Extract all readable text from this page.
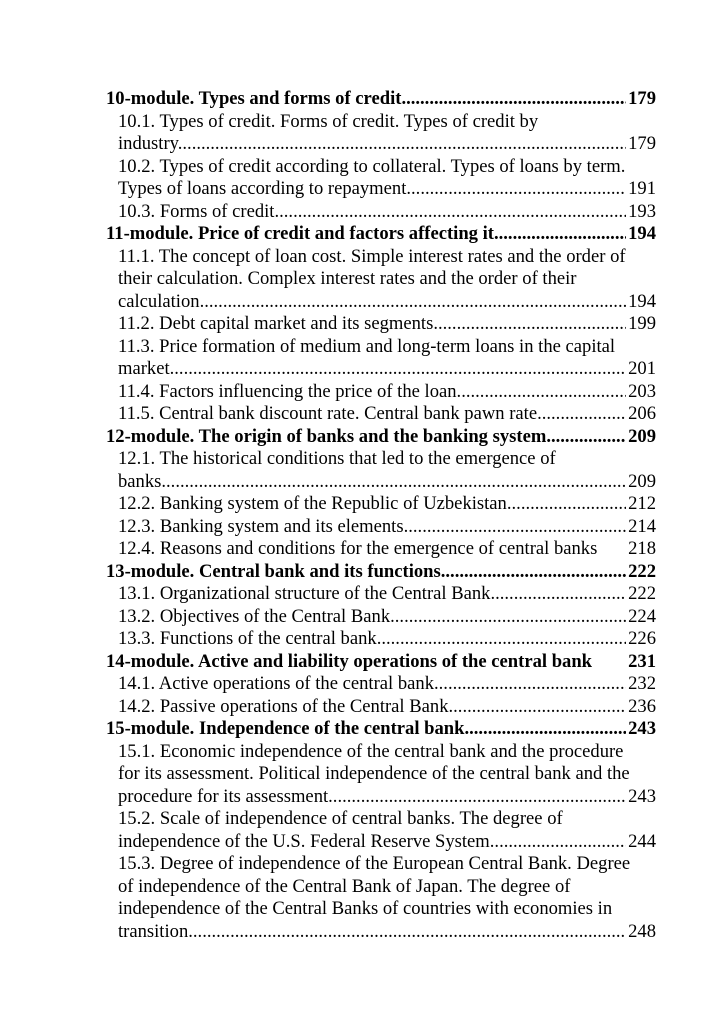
10-module. Types and forms of credit .....	179
10.1. Types of credit. Forms of credit. Types of credit by
industry. .....	179
10.2. Types of credit according to collateral. Types of loans by term.
Types of loans according to repayment. .....	191
10.3. Forms of credit. .....	193
11-module. Price of credit and factors affecting it .....	194
11.1. The concept of loan cost. Simple interest rates and the order of
their calculation. Complex interest rates and the order of their
calculation .....	194
11.2. Debt capital market and its segments .....	199
11.3. Price formation of medium and long-term loans in the capital
market. .....	201
11.4. Factors influencing the price of the loan .....	203
11.5. Central bank discount rate. Central bank pawn rate. .....	206
12-module. The origin of banks and the banking system .....	209
12.1. The historical conditions that led to the emergence of
banks. .....	209
12.2. Banking system of the Republic of Uzbekistan. .....	212
12.3. Banking system and its elements. .....	214
12.4. Reasons and conditions for the emergence of central banks 218
13-module. Central bank and its functions .....	222
13.1. Organizational structure of the Central Bank. .....	222
13.2. Objectives of the Central Bank. .....	224
13.3. Functions of the central bank. .....	226
14-module. Active and liability operations of the central bank 231
14.1. Active operations of the central bank. .....	232
14.2. Passive operations of the Central Bank. .....	236
15-module. Independence of the central bank. .....	243
15.1. Economic independence of the central bank and the procedure
for its assessment. Political independence of the central bank and the
procedure for its assessment .....	243
15.2. Scale of independence of central banks. The degree of
independence of the U.S. Federal Reserve System. .....	244
15.3. Degree of independence of the European Central Bank. Degree
of independence of the Central Bank of Japan. The degree of
independence of the Central Banks of countries with economies in
transition. .....	248
